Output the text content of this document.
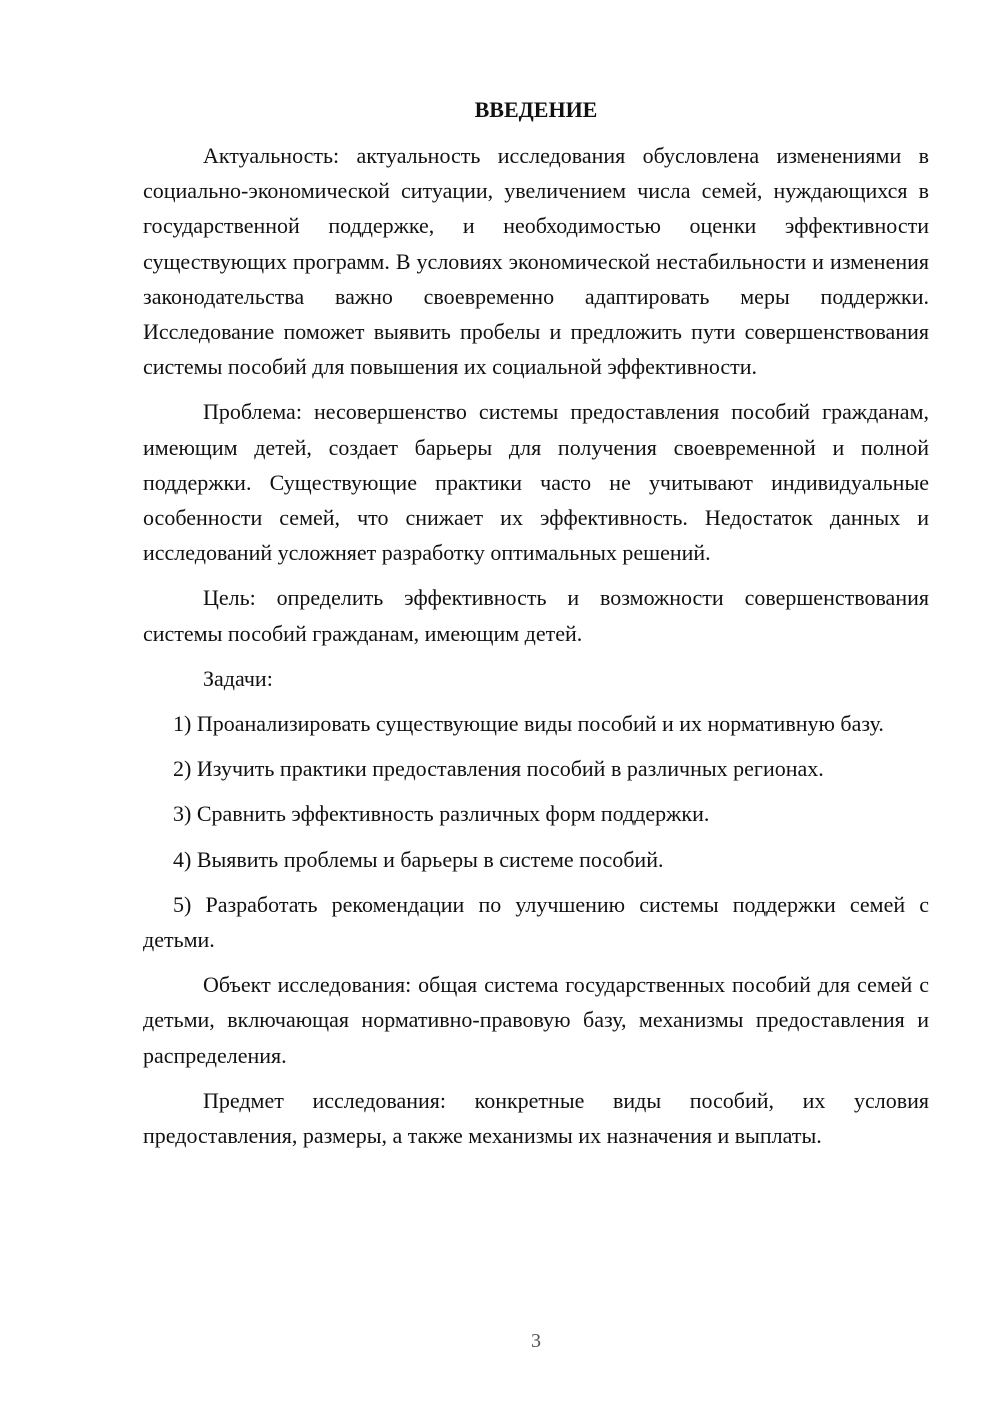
ВВЕДЕНИЕ

Актуальность: актуальность исследования обусловлена изменениями в социально-экономической ситуации, увеличением числа семей, нуждающихся в государственной поддержке, и необходимостью оценки эффективности существующих программ. В условиях экономической нестабильности и изменения законодательства важно своевременно адаптировать меры поддержки. Исследование поможет выявить пробелы и предложить пути совершенствования системы пособий для повышения их социальной эффективности.

Проблема: несовершенство системы предоставления пособий гражданам, имеющим детей, создает барьеры для получения своевременной и полной поддержки. Существующие практики часто не учитывают индивидуальные особенности семей, что снижает их эффективность. Недостаток данных и исследований усложняет разработку оптимальных решений.

Цель: определить эффективность и возможности совершенствования системы пособий гражданам, имеющим детей.

Задачи:

1) Проанализировать существующие виды пособий и их нормативную базу.

2) Изучить практики предоставления пособий в различных регионах.

3) Сравнить эффективность различных форм поддержки.

4) Выявить проблемы и барьеры в системе пособий.

5) Разработать рекомендации по улучшению системы поддержки семей с детьми.

Объект исследования: общая система государственных пособий для семей с детьми, включающая нормативно-правовую базу, механизмы предоставления и распределения.

Предмет исследования: конкретные виды пособий, их условия предоставления, размеры, а также механизмы их назначения и выплаты.

3
